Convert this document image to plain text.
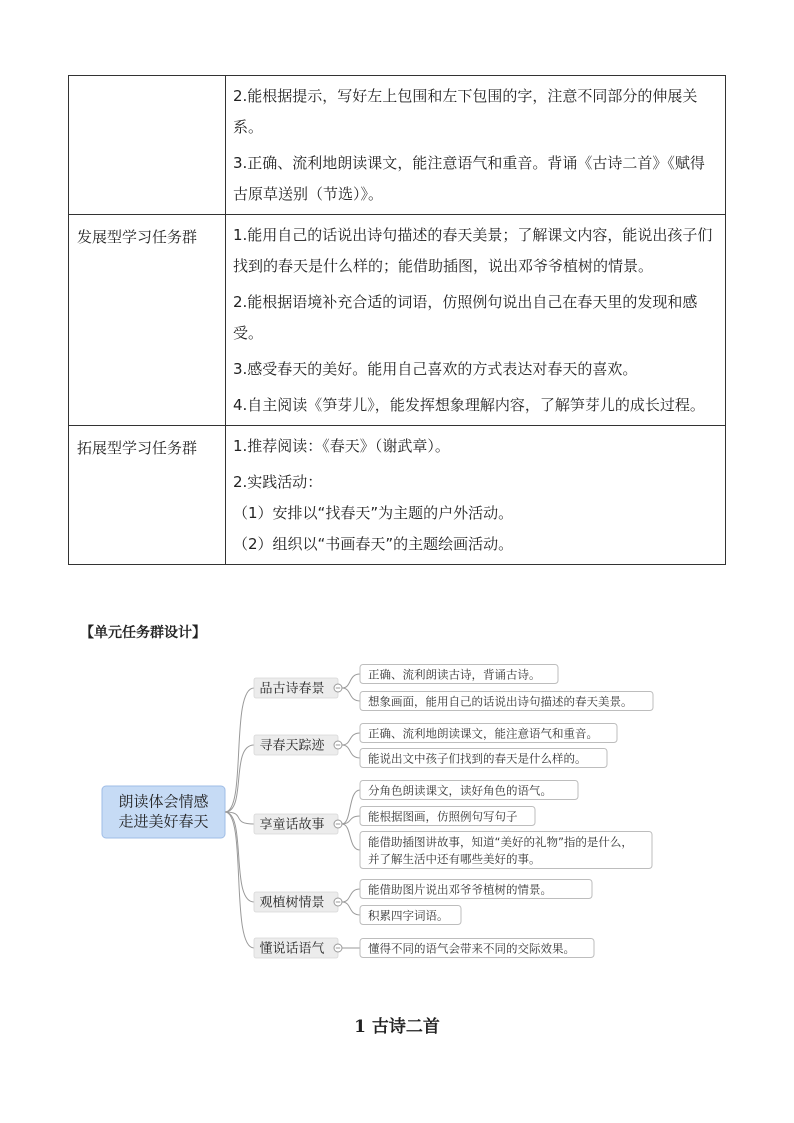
	2.能根据提示，写好左上包围和左下包围的字，注意不同部分的伸展关系。

3.正确、流利地朗读课文，能注意语气和重音。背诵《古诗二首》《赋得古原草送别（节选）》。

发展型学习任务群	1.能用自己的话说出诗句描述的春天美景；了解课文内容，能说出孩子们找到的春天是什么样的；能借助插图，说出邓爷爷植树的情景。

2.能根据语境补充合适的词语，仿照例句说出自己在春天里的发现和感受。

3.感受春天的美好。能用自己喜欢的方式表达对春天的喜欢。

4.自主阅读《笋芽儿》，能发挥想象理解内容，了解笋芽儿的成长过程。

拓展型学习任务群	1.推荐阅读：《春天》（谢武章）。

2.实践活动：

（1）安排以“找春天”为主题的户外活动。

（2）组织以“书画春天”的主题绘画活动。

【单元任务群设计】
朗读体会情感
走进美好春天
品古诗春景
正确、流利朗读古诗，背诵古诗。
想象画面，能用自己的话说出诗句描述的春天美景。
寻春天踪迹
正确、流利地朗读课文，能注意语气和重音。
能说出文中孩子们找到的春天是什么样的。
享童话故事
分角色朗读课文，读好角色的语气。
能根据图画，仿照例句写句子
能借助插图讲故事，知道“美好的礼物”指的是什么，
并了解生活中还有哪些美好的事。
观植树情景
能借助图片说出邓爷爷植树的情景。
积累四字词语。
懂说话语气	懂得不同的语气会带来不同的交际效果。
1 古诗二首
